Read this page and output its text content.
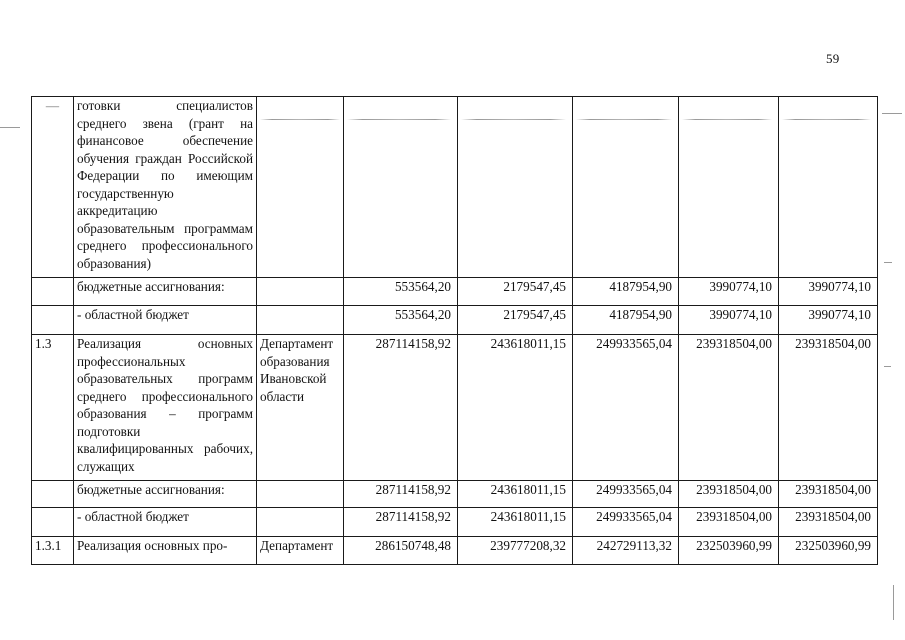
59
—	готовки специалистов среднего звена (грант на финансовое обеспечение обучения граждан Российской Федерации по имеющим государственную аккредитацию образовательным программам среднего профессионального образования)	

	бюджетные ассигнования:		553564,20	2179547,45	4187954,90	3990774,10	3990774,10
	- областной бюджет		553564,20	2179547,45	4187954,90	3990774,10	3990774,10
1.3	Реализация основных профессиональных образовательных программ среднего профессионального образования – программ подготовки квалифицированных рабочих, служащих	Департамент образования Ивановской области	287114158,92	243618011,15	249933565,04	239318504,00	239318504,00
	бюджетные ассигнования:		287114158,92	243618011,15	249933565,04	239318504,00	239318504,00
	- областной бюджет		287114158,92	243618011,15	249933565,04	239318504,00	239318504,00
1.3.1	Реализация основных про-	Департамент	286150748,48	239777208,32	242729113,32	232503960,99	232503960,99
